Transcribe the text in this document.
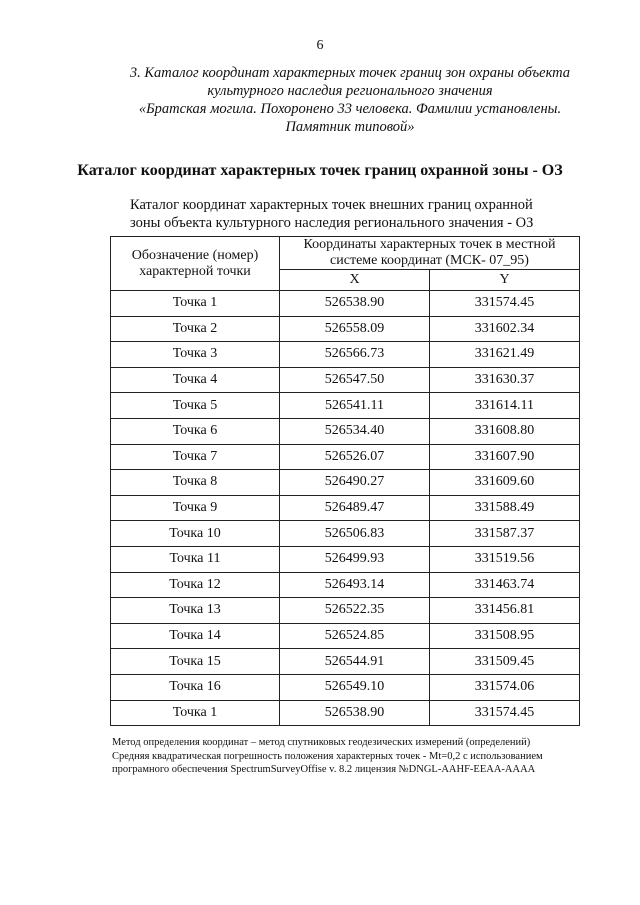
6
3. Каталог координат характерных точек границ зон охраны объекта
культурного наследия регионального значения
«Братская могила. Похоронено 33 человека. Фамилии установлены.
Памятник типовой»
Каталог координат характерных точек границ охранной зоны - ОЗ
Каталог координат характерных точек внешних границ охранной
зоны объекта культурного наследия регионального значения - ОЗ
Обозначение (номер) характерной точки	Координаты характерных точек в местной системе координат (МСК- 07_95)	
	X	Y
Точка 1	526538.90	331574.45
Точка 2	526558.09	331602.34
Точка 3	526566.73	331621.49
Точка 4	526547.50	331630.37
Точка 5	526541.11	331614.11
Точка 6	526534.40	331608.80
Точка 7	526526.07	331607.90
Точка 8	526490.27	331609.60
Точка 9	526489.47	331588.49
Точка 10	526506.83	331587.37
Точка 11	526499.93	331519.56
Точка 12	526493.14	331463.74
Точка 13	526522.35	331456.81
Точка 14	526524.85	331508.95
Точка 15	526544.91	331509.45
Точка 16	526549.10	331574.06
Точка 1	526538.90	331574.45
Метод определения координат – метод спутниковых геодезических измерений (определений)
Средняя квадратическая погрешность положения характерных точек - Mt=0,2 с использованием
програмного обеспечения SpectrumSurveyOffise v. 8.2 лицензия №DNGL-AAHF-EEAA-AAAA
